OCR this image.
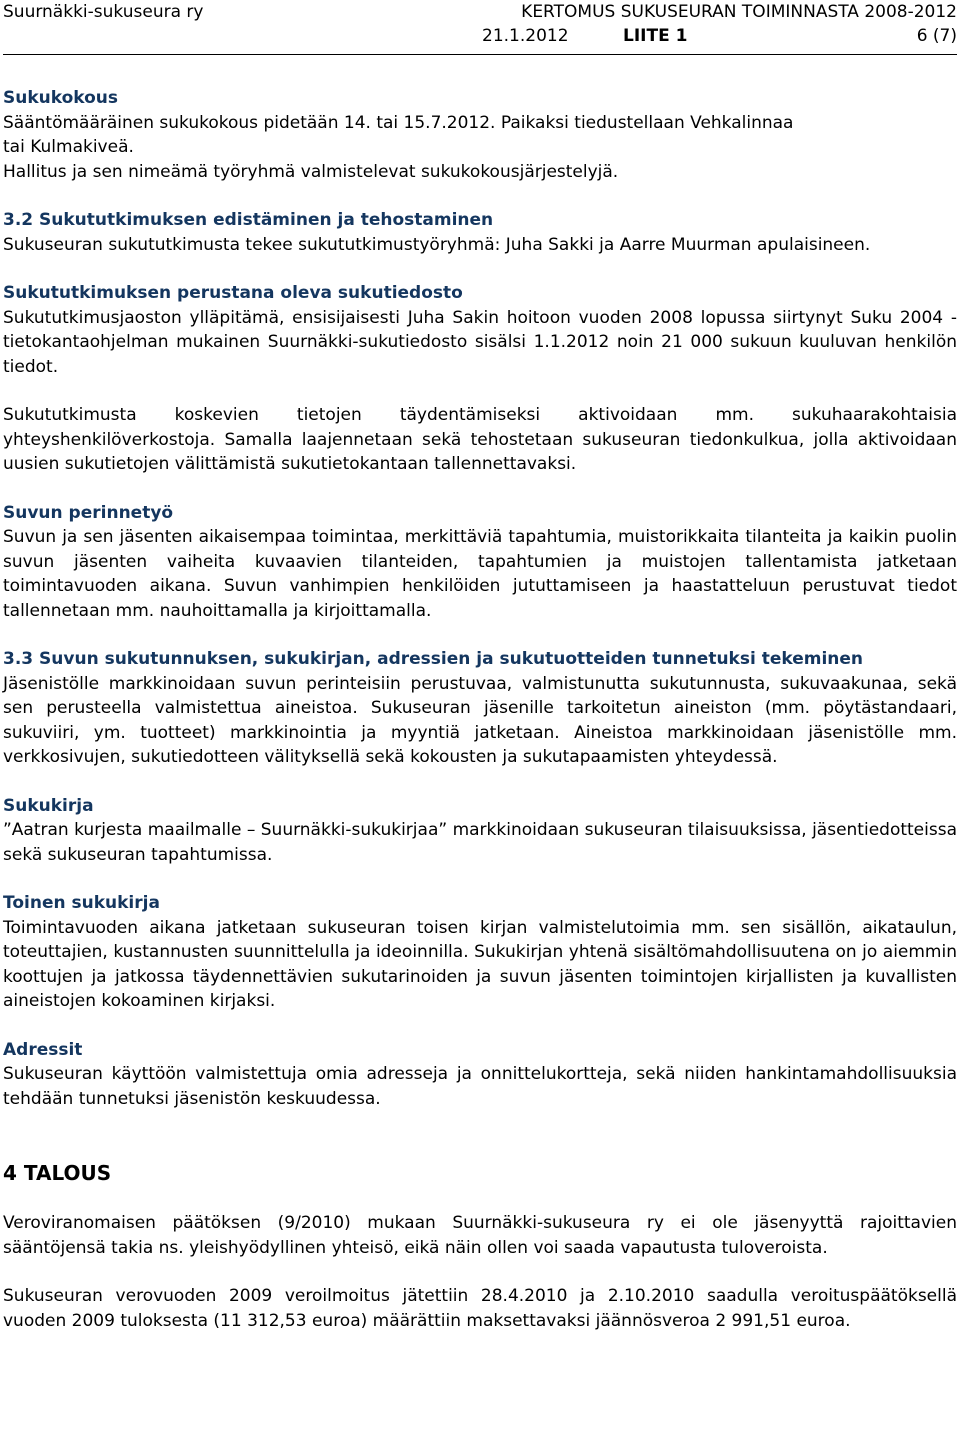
Suurnäkki-sukuseura ry	KERTOMUS SUKUSEURAN TOIMINNASTA 2008-2012
21.1.2012	LIITE 1	6 (7)

Sukukokous

Sääntömääräinen sukukokous pidetään 14. tai 15.7.2012. Paikaksi tiedustellaan Vehkalinnaa

tai Kulmakiveä.

Hallitus ja sen nimeämä työryhmä valmistelevat sukukokousjärjestelyjä.

3.2 Sukututkimuksen edistäminen ja tehostaminen

Sukuseuran sukututkimusta tekee sukututkimustyöryhmä: Juha Sakki ja Aarre Muurman apulaisineen.

Sukututkimuksen perustana oleva sukutiedosto

Sukututkimusjaoston ylläpitämä, ensisijaisesti Juha Sakin hoitoon vuoden 2008 lopussa siirtynyt Suku 2004 -tietokantaohjelman mukainen Suurnäkki-sukutiedosto sisälsi 1.1.2012 noin 21 000 sukuun kuuluvan henkilön tiedot.

Sukututkimusta koskevien tietojen täydentämiseksi aktivoidaan mm. sukuhaarakohtaisia yhteyshenkilöverkostoja. Samalla laajennetaan sekä tehostetaan sukuseuran tiedonkulkua, jolla aktivoidaan uusien sukutietojen välittämistä sukutietokantaan tallennettavaksi.

Suvun perinnetyö

Suvun ja sen jäsenten aikaisempaa toimintaa, merkittäviä tapahtumia, muistorikkaita tilanteita ja kaikin puolin suvun jäsenten vaiheita kuvaavien tilanteiden, tapahtumien ja muistojen tallentamista jatketaan toimintavuoden aikana. Suvun vanhimpien henkilöiden jututtamiseen ja haastatteluun perustuvat tiedot tallennetaan mm. nauhoittamalla ja kirjoittamalla.

3.3 Suvun sukutunnuksen, sukukirjan, adressien ja sukutuotteiden tunnetuksi tekeminen

Jäsenistölle markkinoidaan suvun perinteisiin perustuvaa, valmistunutta sukutunnusta, sukuvaakunaa, sekä sen perusteella valmistettua aineistoa. Sukuseuran jäsenille tarkoitetun aineiston (mm. pöytästandaari, sukuviiri, ym. tuotteet) markkinointia ja myyntiä jatketaan. Aineistoa markkinoidaan jäsenistölle mm. verkkosivujen, sukutiedotteen välityksellä sekä kokousten ja sukutapaamisten yhteydessä.

Sukukirja

”Aatran kurjesta maailmalle – Suurnäkki-sukukirjaa” markkinoidaan sukuseuran tilaisuuksissa, jäsentiedotteissa sekä sukuseuran tapahtumissa.

Toinen sukukirja

Toimintavuoden aikana jatketaan sukuseuran toisen kirjan valmistelutoimia mm. sen sisällön, aikataulun, toteuttajien, kustannusten suunnittelulla ja ideoinnilla. Sukukirjan yhtenä sisältömahdollisuutena on jo aiemmin koottujen ja jatkossa täydennettävien sukutarinoiden ja suvun jäsenten toimintojen kirjallisten ja kuvallisten aineistojen kokoaminen kirjaksi.

Adressit

Sukuseuran käyttöön valmistettuja omia adresseja ja onnittelukortteja, sekä niiden hankintamahdollisuuksia tehdään tunnetuksi jäsenistön keskuudessa.

4 TALOUS

Veroviranomaisen päätöksen (9/2010) mukaan Suurnäkki-sukuseura ry ei ole jäsenyyttä rajoittavien sääntöjensä takia ns. yleishyödyllinen yhteisö, eikä näin ollen voi saada vapautusta tuloveroista.

Sukuseuran verovuoden 2009 veroilmoitus jätettiin 28.4.2010 ja 2.10.2010 saadulla veroituspäätöksellä vuoden 2009 tuloksesta (11 312,53 euroa) määrättiin maksettavaksi jäännösveroa 2 991,51 euroa.
